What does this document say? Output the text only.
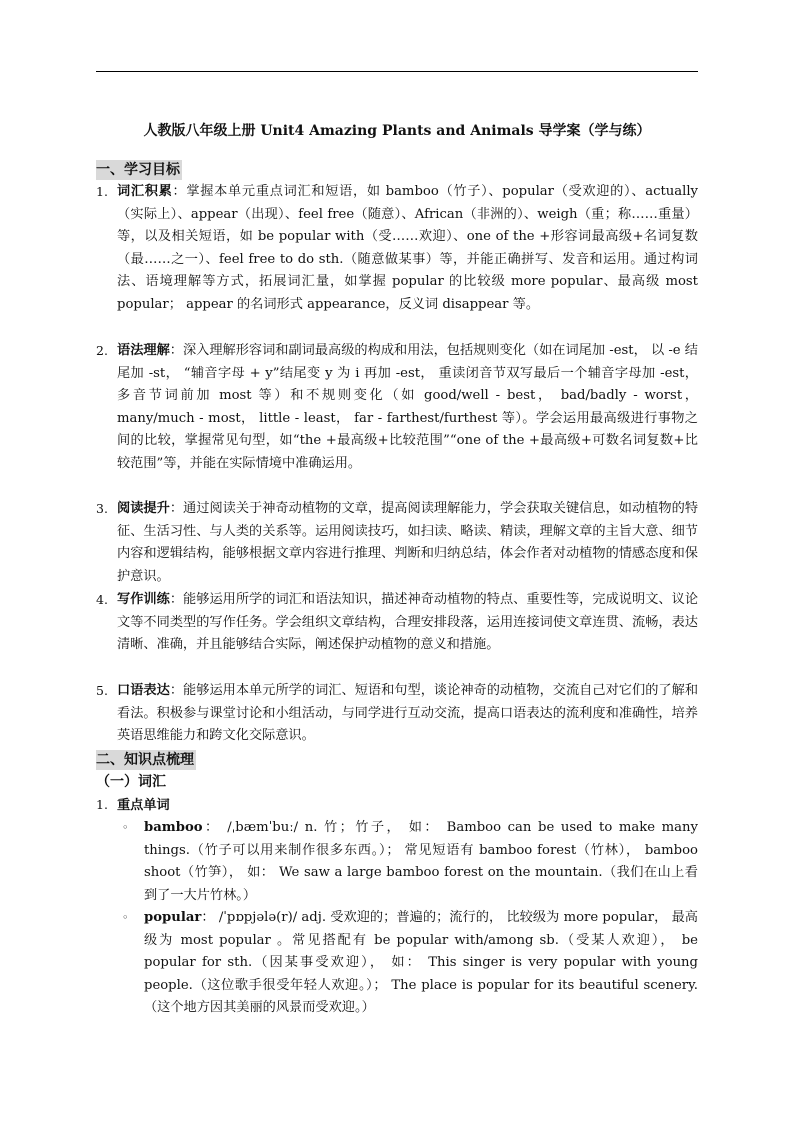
人教版八年级上册 Unit4 Amazing Plants and Animals 导学案（学与练）
一、学习目标
1. 词汇积累：掌握本单元重点词汇和短语，如 bamboo（竹子）、popular（受欢迎的）、actually（实际上）、appear（出现）、feel free（随意）、African（非洲的）、weigh（重；称……重量）等，以及相关短语，如 be popular with（受……欢迎）、one of the +形容词最高级+名词复数（最……之一）、feel free to do sth.（随意做某事）等，并能正确拼写、发音和运用。通过构词法、语境理解等方式，拓展词汇量，如掌握 popular 的比较级 more popular、最高级 most popular； appear 的名词形式 appearance，反义词 disappear 等。
2. 语法理解：深入理解形容词和副词最高级的构成和用法，包括规则变化（如在词尾加 -est， 以 -e 结尾加 -st， “辅音字母 + y”结尾变 y 为 i 再加 -est， 重读闭音节双写最后一个辅音字母加 -est， 多音节词前加 most 等）和不规则变化（如 good/well - best， bad/badly - worst， many/much - most， little - least， far - farthest/furthest 等）。学会运用最高级进行事物之间的比较，掌握常见句型，如“the +最高级+比较范围”“one of the +最高级+可数名词复数+比较范围”等，并能在实际情境中准确运用。
3. 阅读提升：通过阅读关于神奇动植物的文章，提高阅读理解能力，学会获取关键信息，如动植物的特征、生活习性、与人类的关系等。运用阅读技巧，如扫读、略读、精读，理解文章的主旨大意、细节内容和逻辑结构，能够根据文章内容进行推理、判断和归纳总结，体会作者对动植物的情感态度和保护意识。
4. 写作训练：能够运用所学的词汇和语法知识，描述神奇动植物的特点、重要性等，完成说明文、议论文等不同类型的写作任务。学会组织文章结构，合理安排段落，运用连接词使文章连贯、流畅，表达清晰、准确，并且能够结合实际，阐述保护动植物的意义和措施。
5. 口语表达：能够运用本单元所学的词汇、短语和句型，谈论神奇的动植物，交流自己对它们的了解和看法。积极参与课堂讨论和小组活动，与同学进行互动交流，提高口语表达的流利度和准确性，培养英语思维能力和跨文化交际意识。
二、知识点梳理
（一）词汇
1. 重点单词
◦ bamboo： /ˌbæmˈbuː/ n. 竹；竹子， 如： Bamboo can be used to make many things.（竹子可以用来制作很多东西。）； 常见短语有 bamboo forest（竹林）， bamboo shoot（竹笋）， 如： We saw a large bamboo forest on the mountain.（我们在山上看到了一大片竹林。）
◦ popular： /ˈpɒpjələ(r)/ adj. 受欢迎的；普遍的；流行的， 比较级为 more popular， 最高级为 most popular 。常见搭配有 be popular with/among sb.（受某人欢迎）， be popular for sth.（因某事受欢迎）， 如： This singer is very popular with young people.（这位歌手很受年轻人欢迎。）； The place is popular for its beautiful scenery.（这个地方因其美丽的风景而受欢迎。）
